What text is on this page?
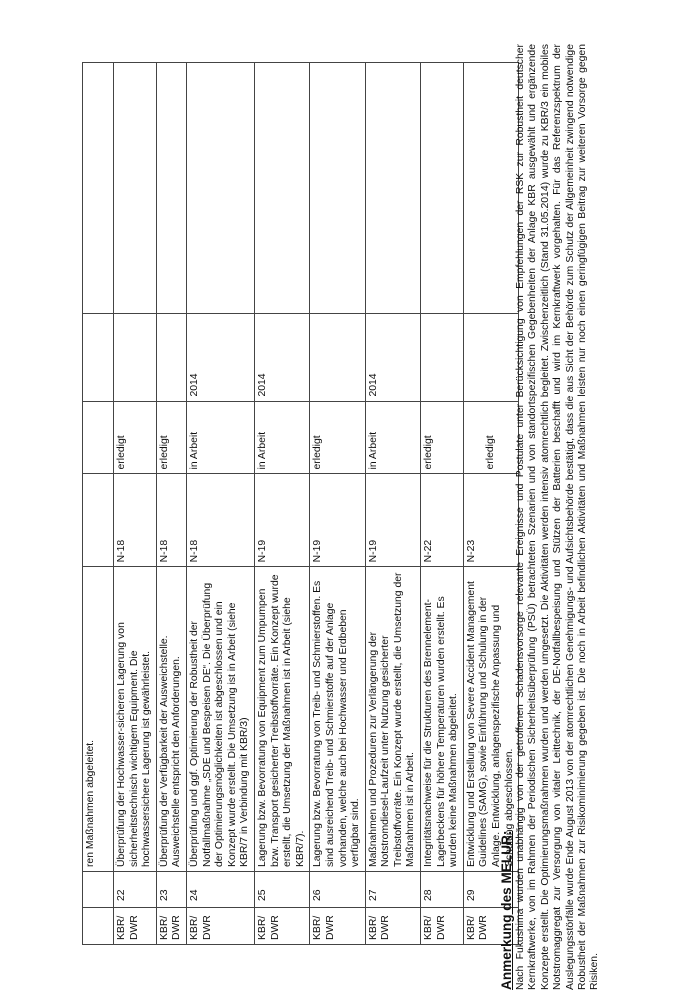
		ren Maßnahmen abgeleitet.				
KBR/ DWR	22	Überprüfung der Hochwasser-sicheren Lagerung von sicherheitstechnisch wichtigem Equipment. Die hochwassersichere Lagerung ist gewährleistet.	N-18	erledigt		
KBR/ DWR	23	Überprüfung der Verfügbarkeit der Ausweichstelle. Ausweichstelle entspricht den Anforderungen.	N-18	erledigt		
KBR/ DWR	24	Überprüfung und ggf. Optimierung der Robustheit der Notfallmaßnahme „SDE und Bespeisen DE“. Die Überprüfung der Optimierungsmöglichkeiten ist abgeschlossen und ein Konzept wurde erstellt. Die Umsetzung ist in Arbeit (siehe KBR/7 in Verbindung mit KBR/3)	N-18	in Arbeit	2014	
KBR/ DWR	25	Lagerung bzw. Bevorratung von Equipment zum Umpumpen bzw. Transport gesicherter Treibstoffvorräte. Ein Konzept wurde erstellt, die Umsetzung der Maßnahmen ist in Arbeit (siehe KBR/7).	N-19	in Arbeit	2014	
KBR/ DWR	26	Lagerung bzw. Bevorratung von Treib- und Schmierstoffen. Es sind ausreichend Treib- und Schmierstoffe auf der Anlage vorhanden, welche auch bei Hochwasser und Erdbeben verfügbar sind.	N-19	erledigt		
KBR/ DWR	27	Maßnahmen und Prozeduren zur Verlängerung der Notstromdiesel-Laufzeit unter Nutzung gesicherter Treibstoffvorräte. Ein Konzept wurde erstellt, die Umsetzung der Maßnahmen ist in Arbeit.	N-19	in Arbeit	2014	
KBR/ DWR	28	Integritätsnachweise für die Strukturen des Brennelement-Lagerbeckens für höhere Temperaturen wurden erstellt. Es wurden keine Maßnahmen abgeleitet.	N-22	erledigt		
KBR/ DWR	29	Entwicklung und Erstellung von Severe Accident Management Guidelines (SAMG), sowie Einführung und Schulung in der Anlage. Entwicklung, anlagenspezifische Anpassung und Schulung abgeschlossen.	N-23	erledigt		
Anmerkung des MELUR: Nach Fukushima wurden unabhängig von der getroffenen Schadensvorsorge relevante Ereignisse und Postulate unter Berücksichtigung von Empfehlungen der RSK zur Robustheit deutscher Kernkraftwerke, von im Rahmen der Periodischen Sicherheitsüberprüfung (PSÜ) betrachteten Szenarien und von standortspezifischen Gegebenheiten der Anlage KBR ausgewählt und ergänzende Konzepte erstellt. Die Optimierungsmaßnahmen wurden und werden umgesetzt. Die Aktivitäten werden intensiv atomrechtlich begleitet. Zwischenzeitlich (Stand 31.05.2014) wurde zu KBR/3 ein mobiles Notstromaggregat zur Versorgung von vitaler Leittechnik, der DE-Notfallbespeisung und Stützen der Batterien beschafft und wird im Kernkraftwerk vorgehalten. Für das Referenzspektrum der Auslegungsstörfälle wurde Ende August 2013 von der atomrechtlichen Genehmigungs- und Aufsichtsbehörde bestätigt, dass die aus Sicht der Behörde zum Schutz der Allgemeinheit zwingend notwendige Robustheit der Maßnahmen zur Risikominimierung gegeben ist. Die noch in Arbeit befindlichen Aktivitäten und Maßnahmen leisten nur noch einen geringfügigen Beitrag zur weiteren Vorsorge gegen Risiken.
